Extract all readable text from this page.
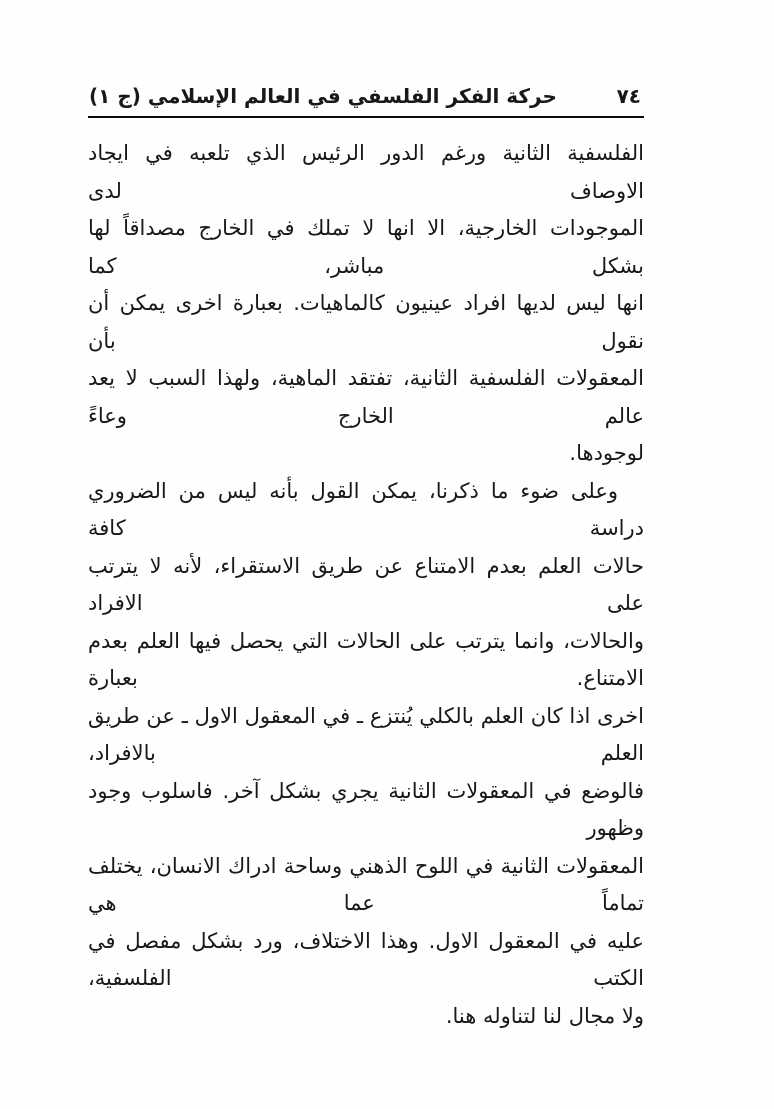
حركة الفكر الفلسفي في العالم الإسلامي (ج ١)	٧٤
الفلسفية الثانية ورغم الدور الرئيس الذي تلعبه في ايجاد الاوصاف لدى
الموجودات الخارجية، الا انها لا تملك في الخارج مصداقاً لها بشكل مباشر، كما
انها ليس لديها افراد عينيون كالماهيات. بعبارة اخرى يمكن أن نقول بأن
المعقولات الفلسفية الثانية، تفتقد الماهية، ولهذا السبب لا يعد عالم الخارج وعاءً
لوجودها.
وعلى ضوء ما ذكرنا، يمكن القول بأنه ليس من الضروري دراسة كافة
حالات العلم بعدم الامتناع عن طريق الاستقراء، لأنه لا يترتب على الافراد
والحالات، وانما يترتب على الحالات التي يحصل فيها العلم بعدم الامتناع. بعبارة
اخرى اذا كان العلم بالكلي يُنتزع ـ في المعقول الاول ـ عن طريق العلم بالافراد،
فالوضع في المعقولات الثانية يجري بشكل آخر. فاسلوب وجود وظهور
المعقولات الثانية في اللوح الذهني وساحة ادراك الانسان، يختلف تماماً عما هي
عليه في المعقول الاول. وهذا الاختلاف، ورد بشكل مفصل في الكتب الفلسفية،
ولا مجال لنا لتناوله هنا.
